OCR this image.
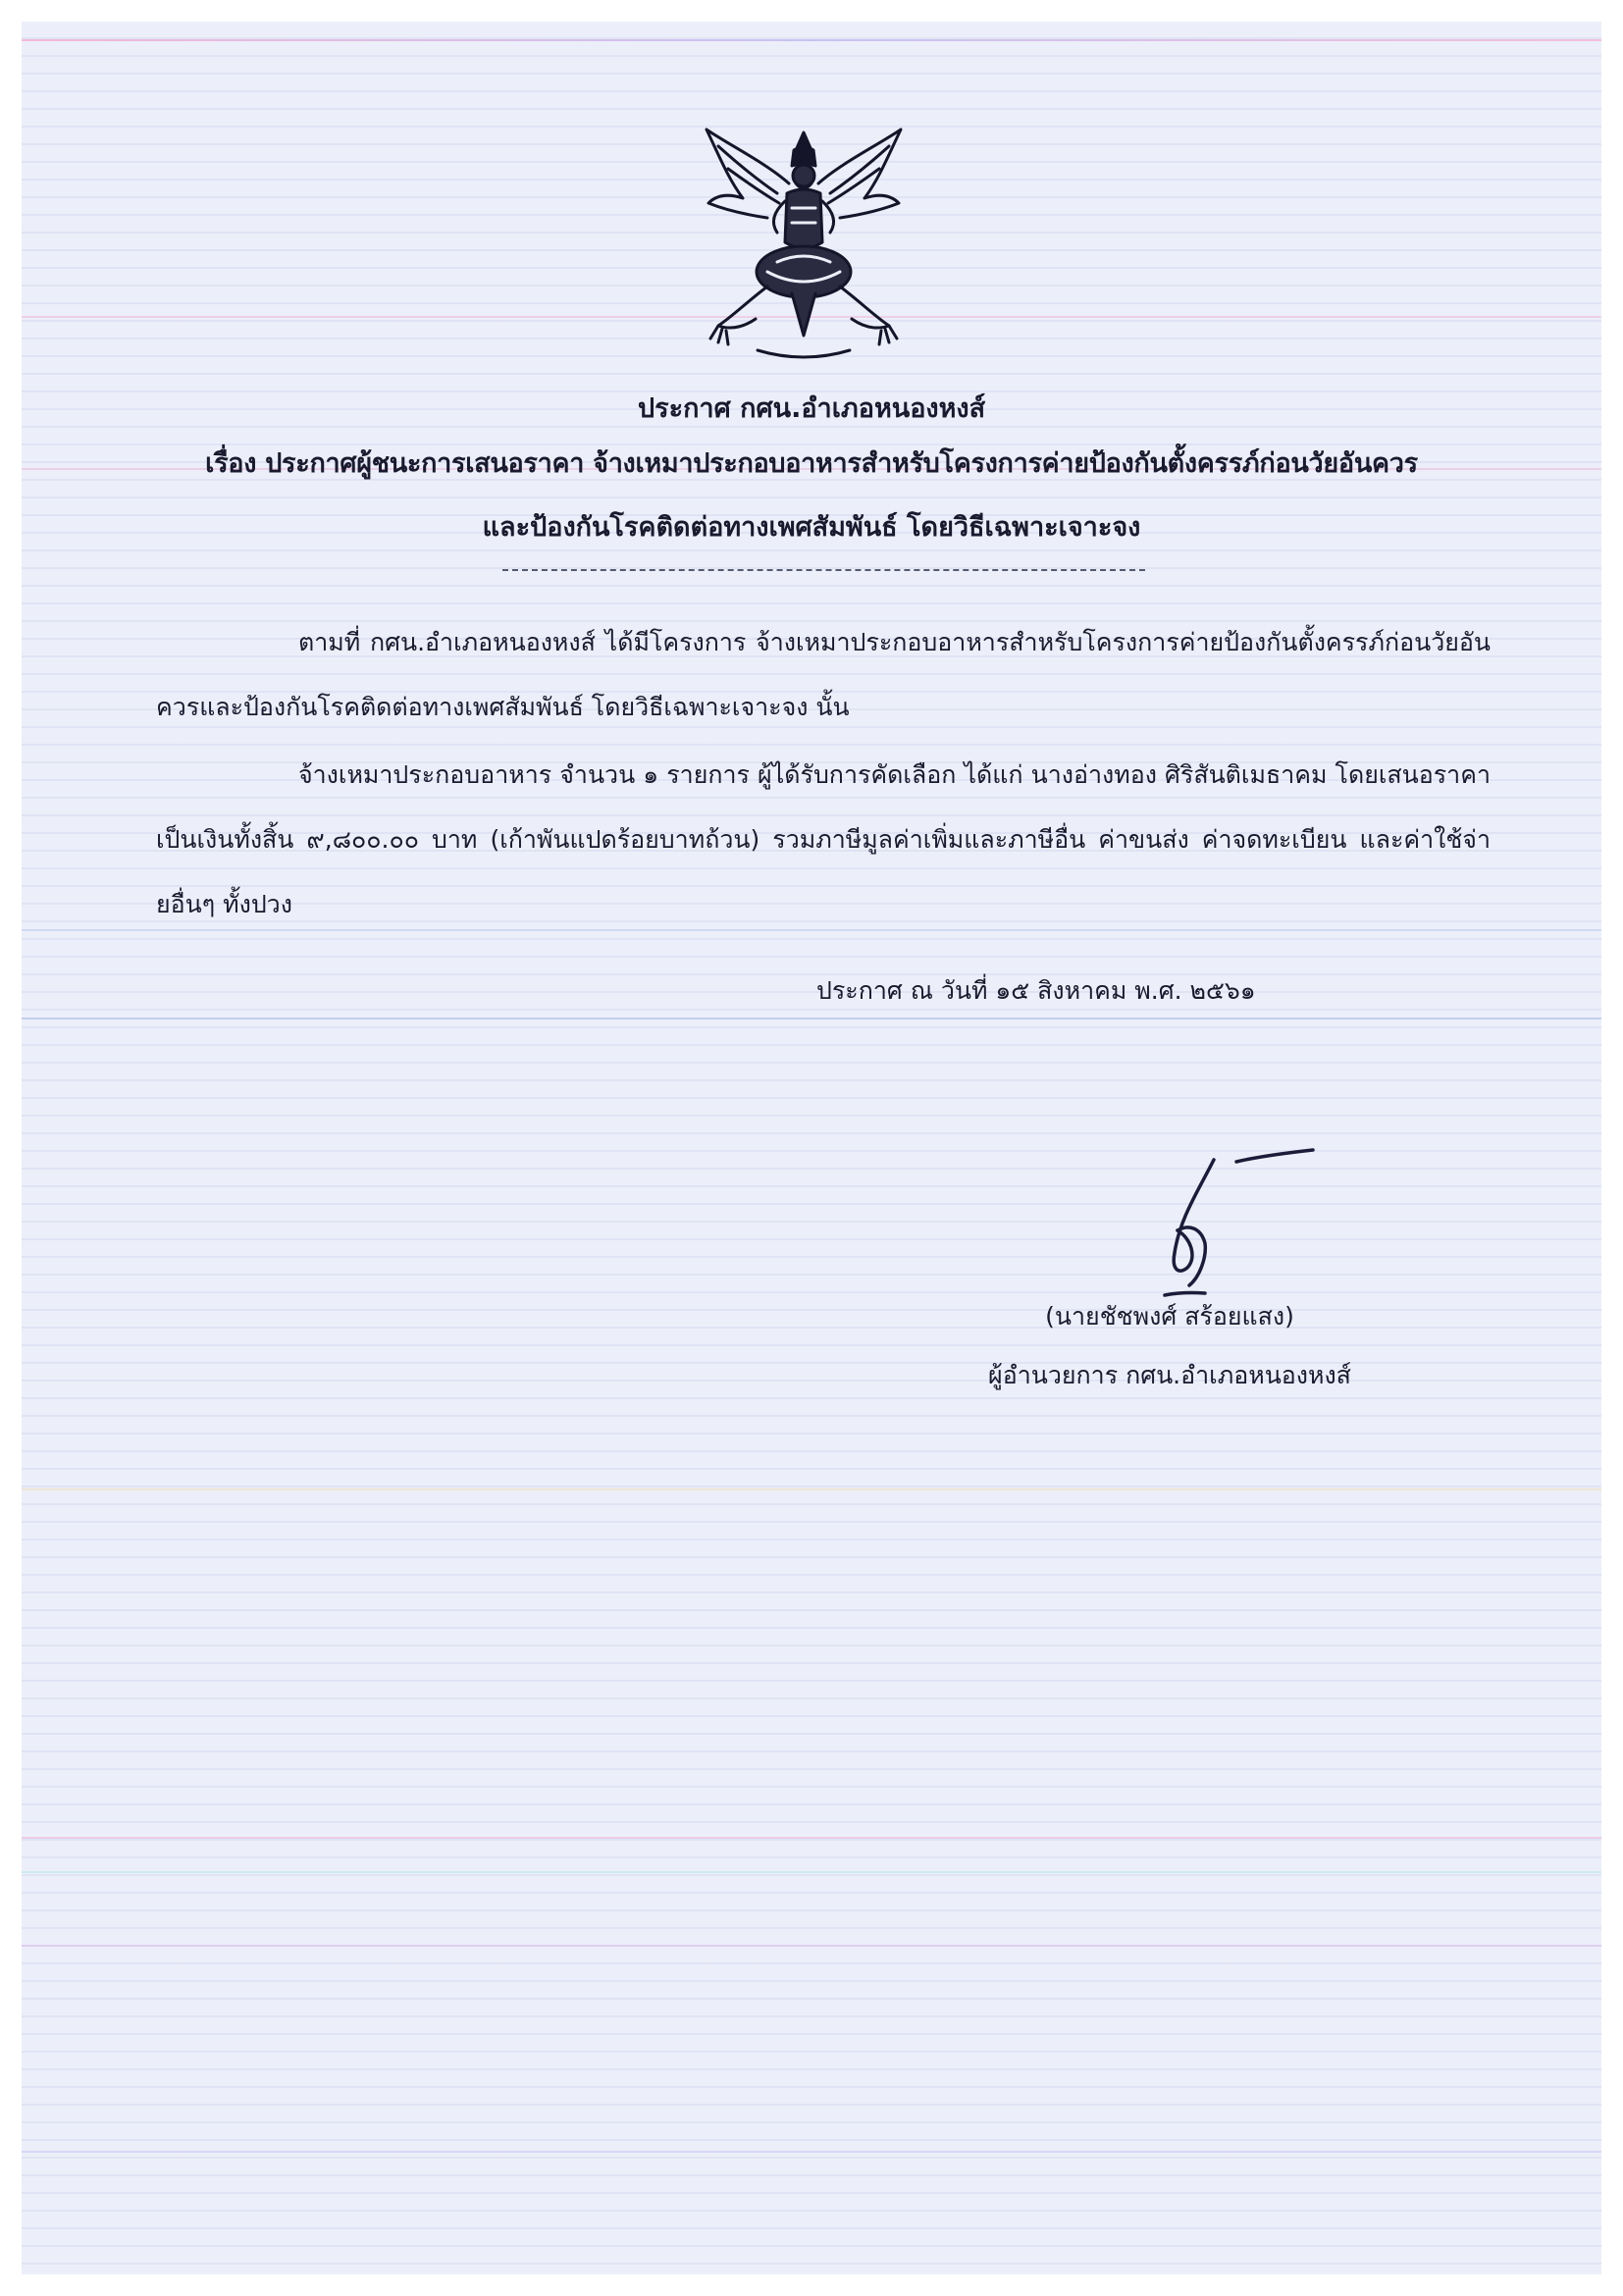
ประกาศ กศน.อำเภอหนองหงส์
เรื่อง ประกาศผู้ชนะการเสนอราคา จ้างเหมาประกอบอาหารสำหรับโครงการค่ายป้องกันตั้งครรภ์ก่อนวัยอันควร
และป้องกันโรคติดต่อทางเพศสัมพันธ์ โดยวิธีเฉพาะเจาะจง
ตามที่ กศน.อำเภอหนองหงส์ ได้มีโครงการ จ้างเหมาประกอบอาหารสำหรับโครงการค่ายป้องกันตั้งครรภ์ก่อนวัยอันควรและป้องกันโรคติดต่อทางเพศสัมพันธ์ โดยวิธีเฉพาะเจาะจง นั้น
จ้างเหมาประกอบอาหาร จำนวน ๑ รายการ ผู้ได้รับการคัดเลือก ได้แก่ นางอ่างทอง ศิริสันติเมธาคม โดยเสนอราคา เป็นเงินทั้งสิ้น ๙,๘๐๐.๐๐ บาท (เก้าพันแปดร้อยบาทถ้วน) รวมภาษีมูลค่าเพิ่มและภาษีอื่น ค่าขนส่ง ค่าจดทะเบียน และค่าใช้จ่ายอื่นๆ ทั้งปวง
ประกาศ ณ วันที่ ๑๕ สิงหาคม พ.ศ. ๒๕๖๑
(นายชัชพงศ์ สร้อยแสง)
ผู้อำนวยการ กศน.อำเภอหนองหงส์
